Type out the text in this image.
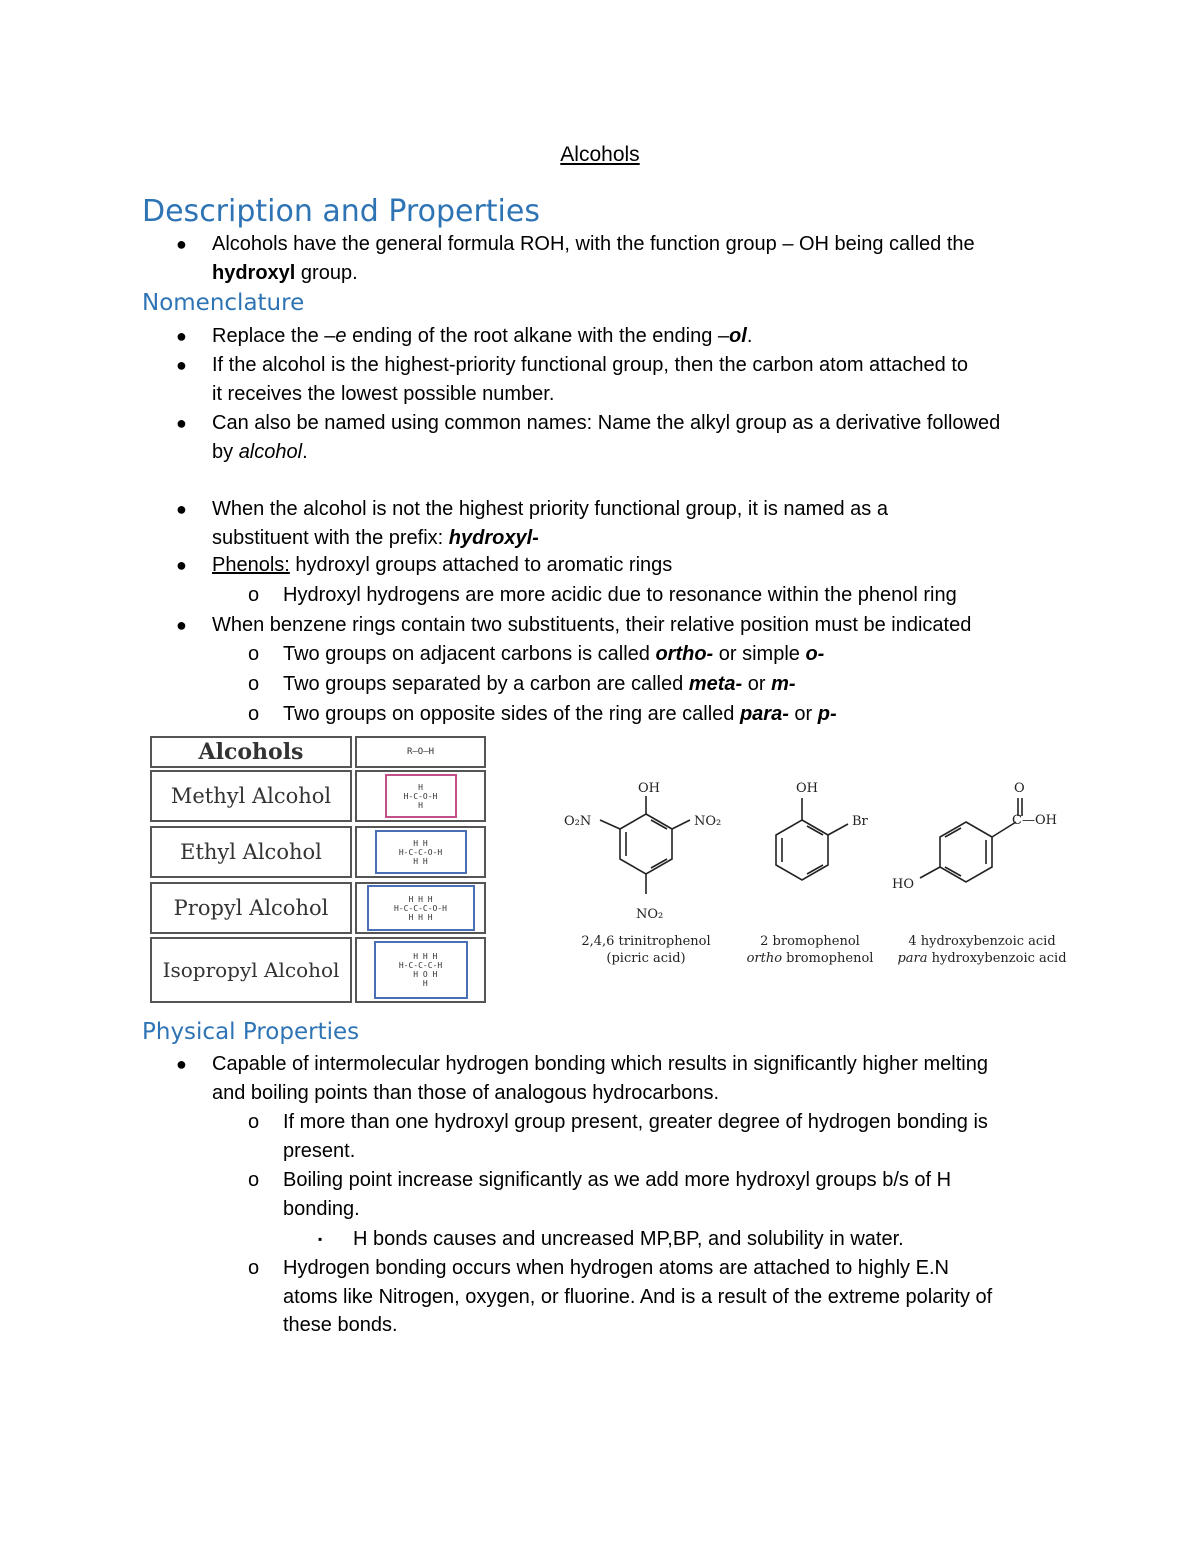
Alcohols
Description and Properties
● Alcohols have the general formula ROH, with the function group – OH being called the
hydroxyl group.
Nomenclature
● Replace the –e ending of the root alkane with the ending –ol.
● If the alcohol is the highest-priority functional group, then the carbon atom attached to
it receives the lowest possible number.
● Can also be named using common names: Name the alkyl group as a derivative followed
by alcohol.
● When the alcohol is not the highest priority functional group, it is named as a
substituent with the prefix: hydroxyl-
● Phenols: hydroxyl groups attached to aromatic rings
o Hydroxyl hydrogens are more acidic due to resonance within the phenol ring
● When benzene rings contain two substituents, their relative position must be indicated
o Two groups on adjacent carbons is called ortho- or simple o-
o Two groups separated by a carbon are called meta- or m-
o Two groups on opposite sides of the ring are called para- or p-
Alcohols	R—O—H
Methyl Alcohol	H
H-C-O-H
H
Ethyl Alcohol	H H
H-C-C-O-H
H H
Propyl Alcohol	H H H
H-C-C-C-O-H
H H H
Isopropyl Alcohol
H H H
H-C-C-C-H
H O H
H
OH
O₂N	NO₂
NO₂
2,4,6 trinitrophenol
(picric acid)
OH
Br
2 bromophenol
ortho bromophenol
O
C—OH
HO
4 hydroxybenzoic acid
para hydroxybenzoic acid
Physical Properties
● Capable of intermolecular hydrogen bonding which results in significantly higher melting
and boiling points than those of analogous hydrocarbons.
o If more than one hydroxyl group present, greater degree of hydrogen bonding is
present.
o Boiling point increase significantly as we add more hydroxyl groups b/s of H
bonding.
▪ H bonds causes and uncreased MP,BP, and solubility in water.
o Hydrogen bonding occurs when hydrogen atoms are attached to highly E.N
atoms like Nitrogen, oxygen, or fluorine. And is a result of the extreme polarity of
these bonds.
